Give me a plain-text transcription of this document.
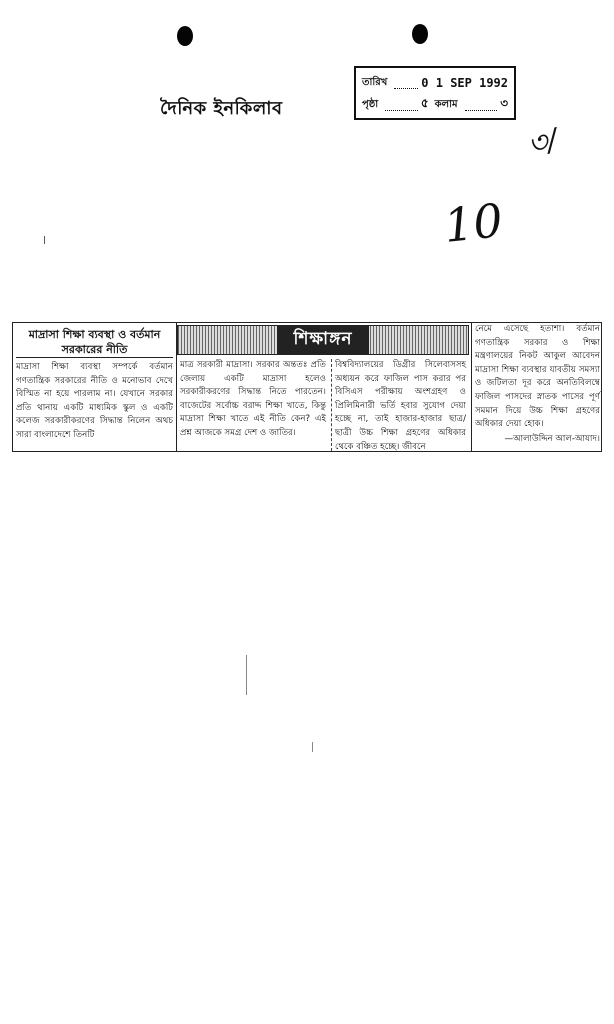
দৈনিক ইনকিলাব
তারিখ	0 1 SEP 1992
পৃষ্ঠা	৫ কলাম	৩
৩/
10
মাদ্রাসা শিক্ষা ব্যবস্থা ও বর্তমান সরকারের নীতি

মাদ্রাসা শিক্ষা ব্যবস্থা সম্পর্কে বর্তমান গণতান্ত্রিক সরকারের নীতি ও মনোভাব দেখে বিস্মিত না হয়ে পারলাম না। যেখানে সরকার প্রতি থানায় একটি মাধ্যমিক স্কুল ও একটি কলেজ সরকারীকরণের সিদ্ধান্ত নিলেন অথচ সারা বাংলাদেশে তিনটি

শিক্ষাঙ্গন

মাত্র সরকারী মাদ্রাসা। সরকার অন্ততঃ প্রতি জেলায় একটি মাদ্রাসা হলেও সরকারীকরণের সিদ্ধান্ত নিতে পারতেন। বাজেটের সর্বোচ্চ বরাদ্দ শিক্ষা খাতে, কিন্তু মাদ্রাসা শিক্ষা খাতে এই নীতি কেন? এই প্রশ্ন আজকে সমগ্র দেশ ও জাতির।

বিশ্ববিদ্যালয়ের ডিগ্রীর সিলেবাসসহ অধ্যয়ন করে ফাজিল পাস করার পর বিসিএস পরীক্ষায় অংশগ্রহণ ও প্রিলিমিনারী ভর্তি হবার সুযোগ দেয়া হচ্ছে না, তাই হাজার-হাজার ছাত্র/ছাত্রী উচ্চ শিক্ষা গ্রহণের অধিকার থেকে বঞ্চিত হচ্ছে। জীবনে

নেমে এসেছে হতাশা। বর্তমান গণতান্ত্রিক সরকার ও শিক্ষা মন্ত্রণালয়ের নিকট আকুল আবেদন মাদ্রাসা শিক্ষা ব্যবস্থার যাবতীয় সমস্যা ও জটিলতা দূর করে অনতিবিলম্বে ফাজিল পাসদের স্নাতক পাসের পূর্ণ সমমান দিয়ে উচ্চ শিক্ষা গ্রহণের অধিকার দেয়া হোক।

—আলাউদ্দিন আল-আযাদ।
